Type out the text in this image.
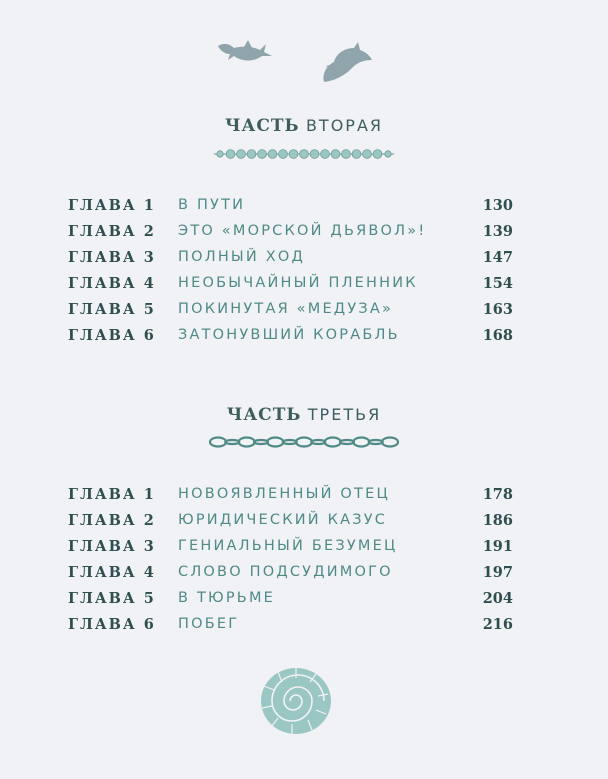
ЧАСТЬ ВТОРАЯ
ГЛАВА 1 В ПУТИ	130
ГЛАВА 2 ЭТО «МОРСКОЙ ДЬЯВОЛ»!	139
ГЛАВА 3 ПОЛНЫЙ ХОД	147
ГЛАВА 4 НЕОБЫЧАЙНЫЙ ПЛЕННИК	154
ГЛАВА 5 ПОКИНУТАЯ «МЕДУЗА»	163
ГЛАВА 6 ЗАТОНУВШИЙ КОРАБЛЬ	168
ЧАСТЬ ТРЕТЬЯ
ГЛАВА 1 НОВОЯВЛЕННЫЙ ОТЕЦ	178
ГЛАВА 2 ЮРИДИЧЕСКИЙ КАЗУС	186
ГЛАВА 3 ГЕНИАЛЬНЫЙ БЕЗУМЕЦ	191
ГЛАВА 4 СЛОВО ПОДСУДИМОГО	197
ГЛАВА 5 В ТЮРЬМЕ	204
ГЛАВА 6 ПОБЕГ	216
